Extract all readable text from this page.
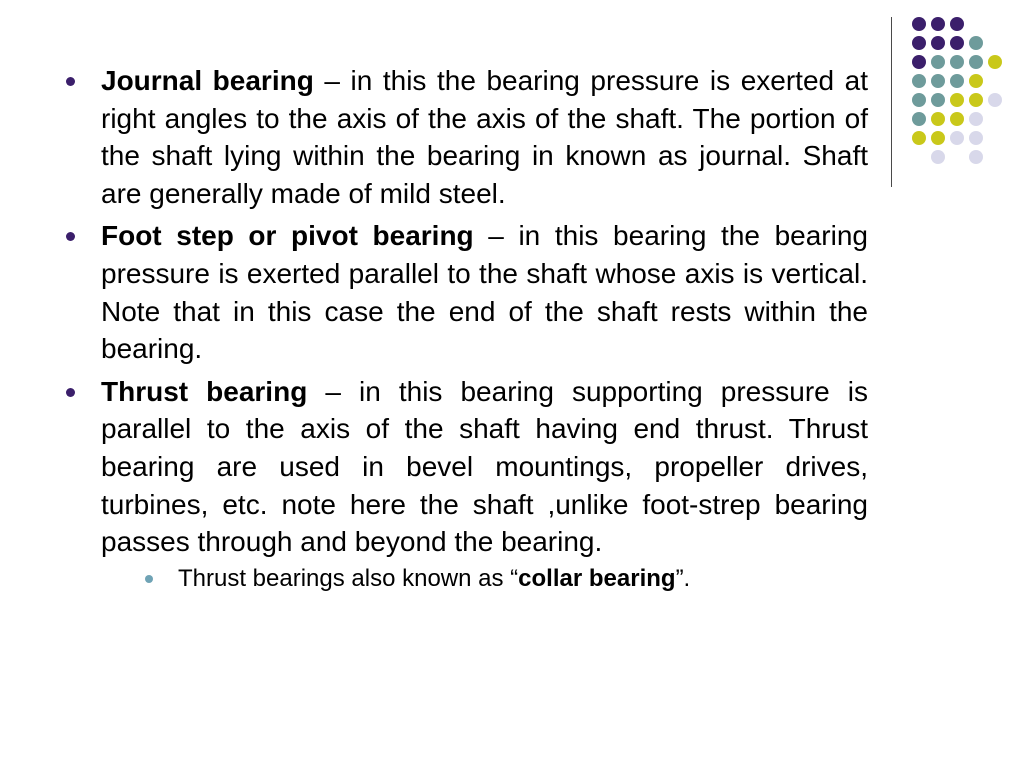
Journal bearing – in this the bearing pressure is exerted at right angles to the axis of the axis of the shaft. The portion of the shaft lying within the bearing in known as journal. Shaft are generally made of mild steel.
Foot step or pivot bearing – in this bearing the bearing pressure is exerted parallel to the shaft whose axis is vertical. Note that in this case the end of the shaft rests within the bearing.
Thrust bearing – in this bearing supporting pressure is parallel to the axis of the shaft having end thrust. Thrust bearing are used in bevel mountings, propeller drives, turbines, etc. note here the shaft ,unlike foot-strep bearing passes through and beyond the bearing.
Thrust bearings also known as “collar bearing”.
